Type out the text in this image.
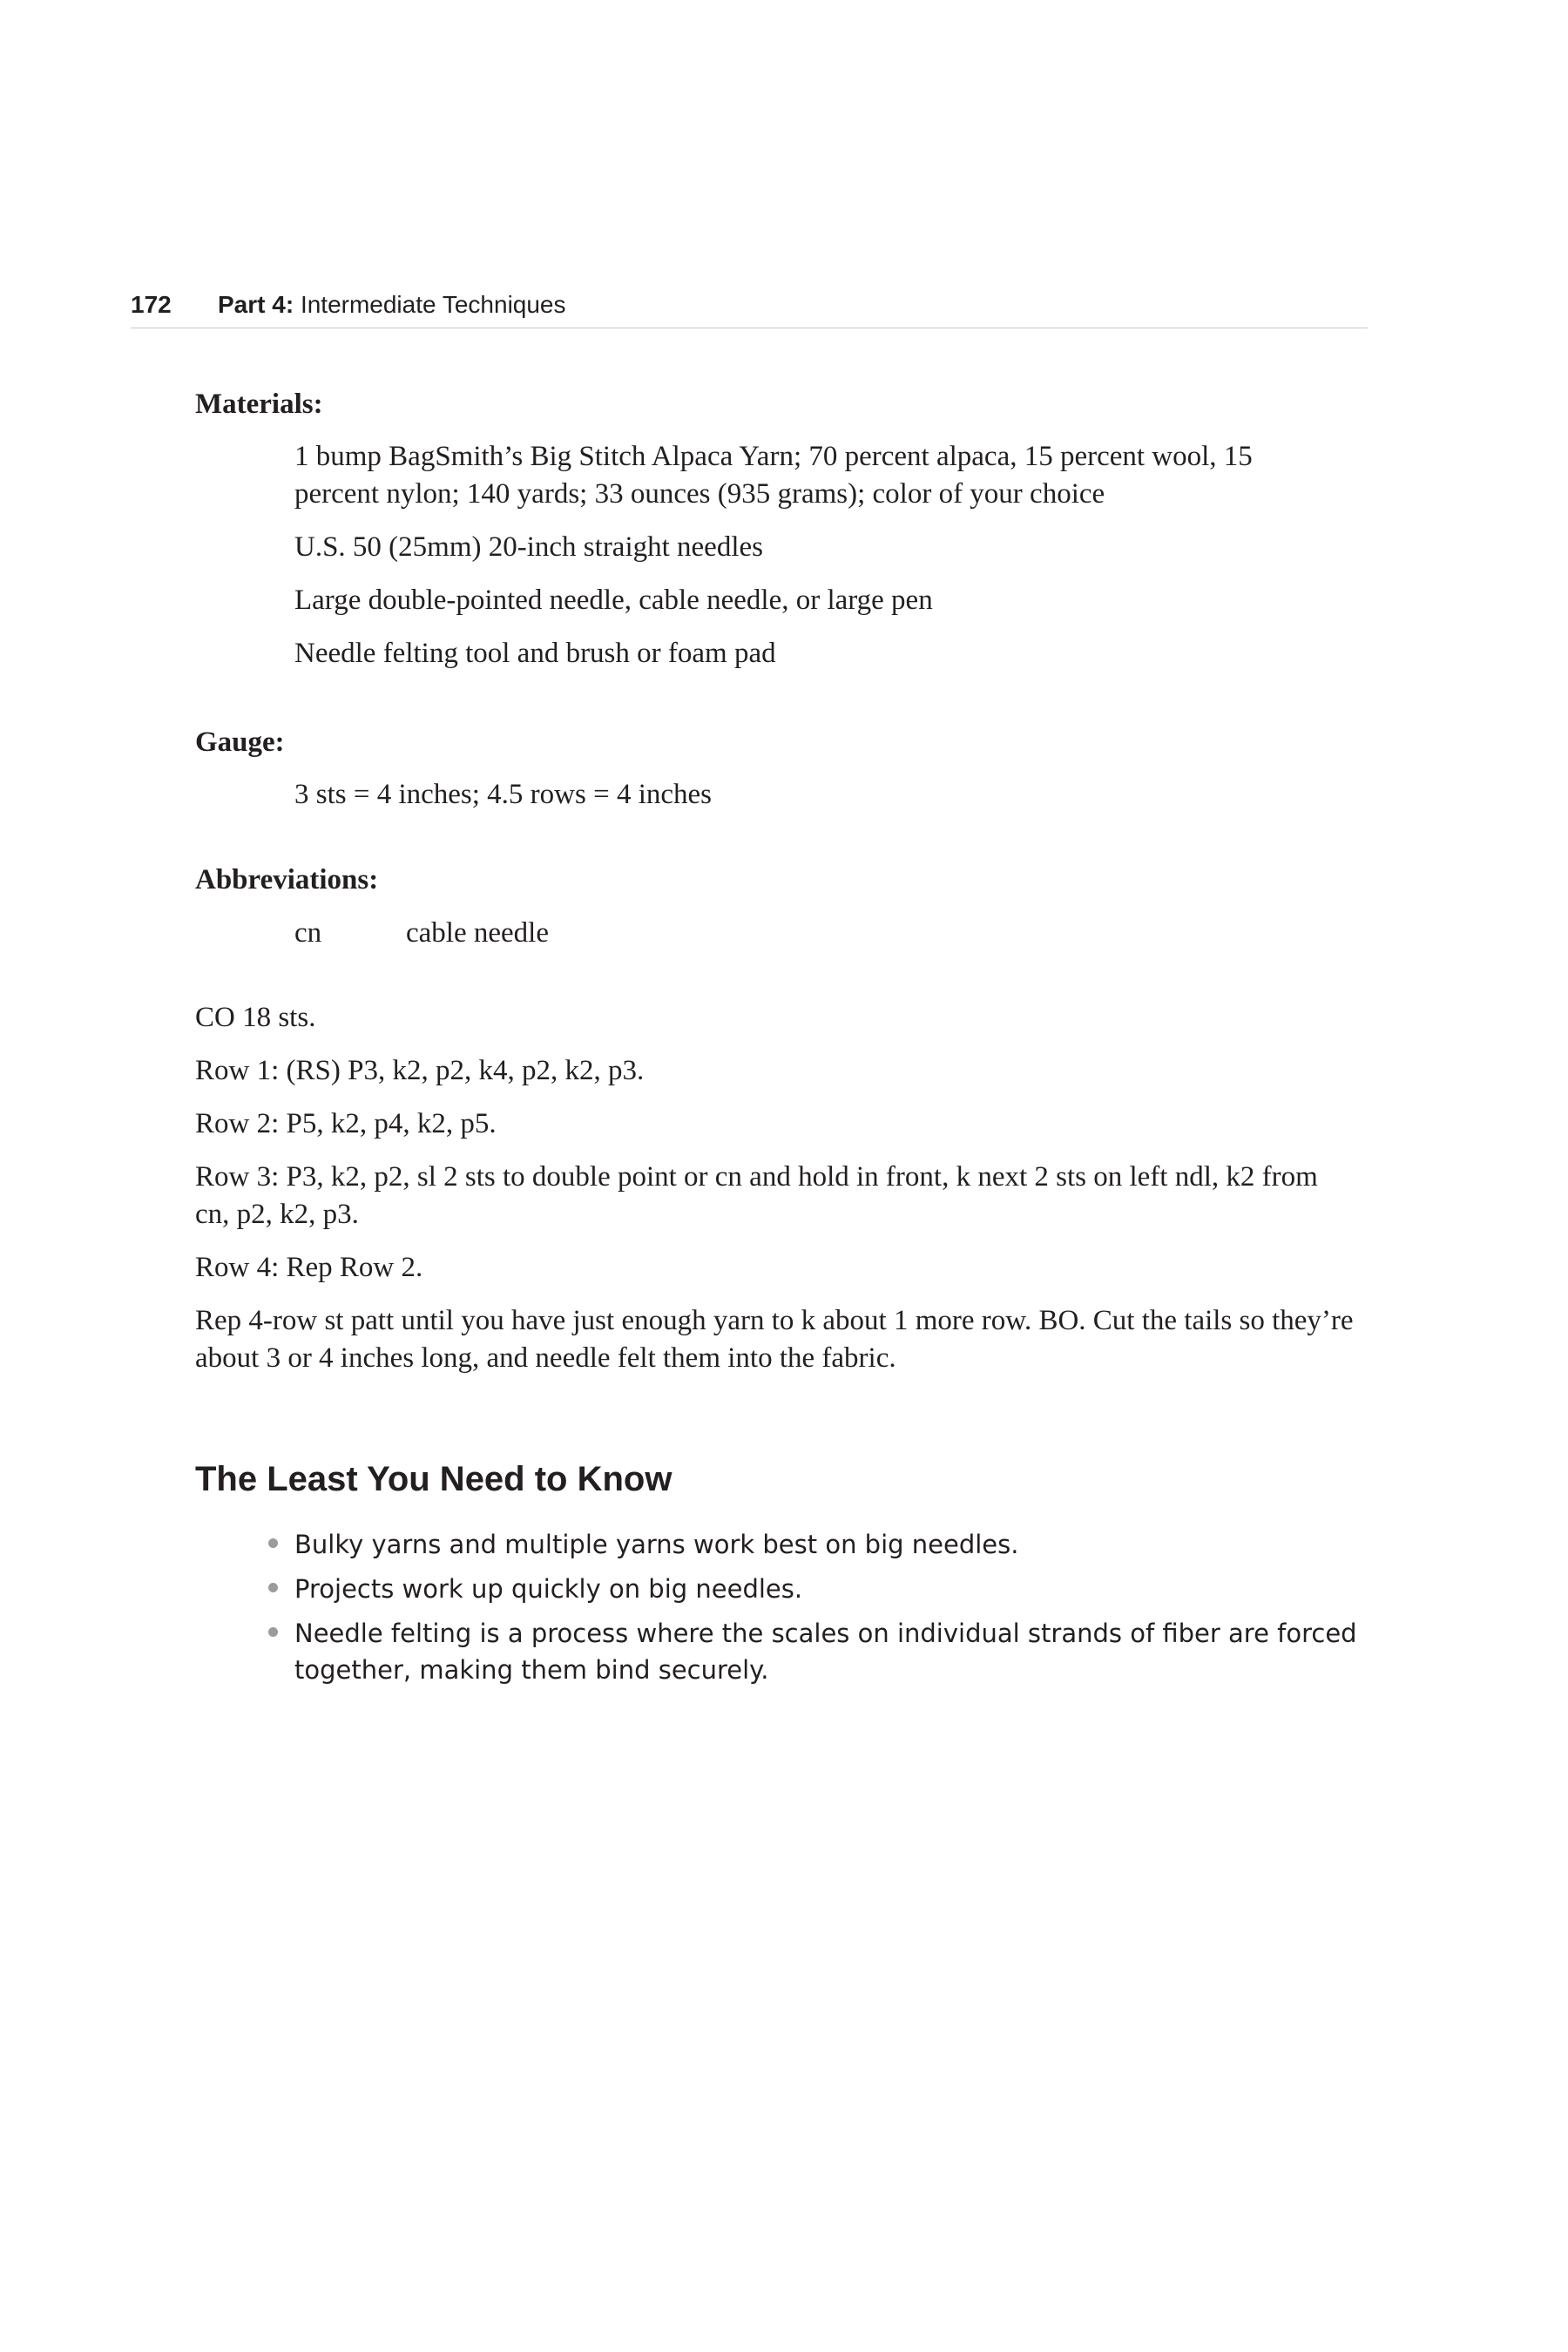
172 Part 4: Intermediate Techniques
Materials:
1 bump BagSmith’s Big Stitch Alpaca Yarn; 70 percent alpaca, 15 percent wool, 15 percent nylon; 140 yards; 33 ounces (935 grams); color of your choice
U.S. 50 (25mm) 20-inch straight needles
Large double-pointed needle, cable needle, or large pen
Needle felting tool and brush or foam pad
Gauge:
3 sts = 4 inches; 4.5 rows = 4 inches
Abbreviations:
cn	cable needle
CO 18 sts.
Row 1: (RS) P3, k2, p2, k4, p2, k2, p3.
Row 2: P5, k2, p4, k2, p5.
Row 3: P3, k2, p2, sl 2 sts to double point or cn and hold in front, k next 2 sts on left ndl, k2 from cn, p2, k2, p3.
Row 4: Rep Row 2.
Rep 4-row st patt until you have just enough yarn to k about 1 more row. BO. Cut the tails so they’re about 3 or 4 inches long, and needle felt them into the fabric.
The Least You Need to Know
Bulky yarns and multiple yarns work best on big needles.
Projects work up quickly on big needles.
Needle felting is a process where the scales on individual strands of fiber are forced together, making them bind securely.
